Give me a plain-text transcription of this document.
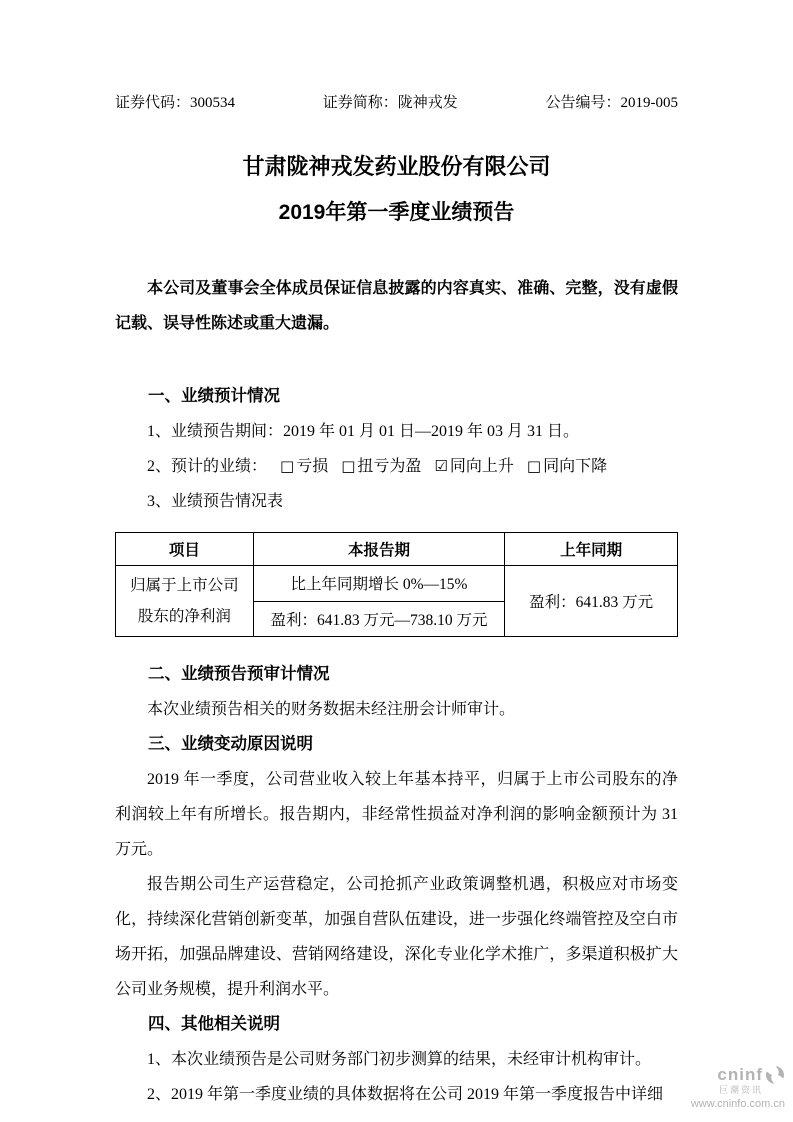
证券代码：300534	证券简称：陇神戎发	公告编号：2019-005
甘肃陇神戎发药业股份有限公司
2019年第一季度业绩预告

本公司及董事会全体成员保证信息披露的内容真实、准确、完整，没有虚假记载、误导性陈述或重大遗漏。

一、业绩预计情况

1、业绩预告期间：2019 年 01 月 01 日—2019 年 03 月 31 日。

2、预计的业绩： □ 亏损 □ 扭亏为盈 ☑ 同向上升 □ 同向下降

3、业绩预告情况表

项目	本报告期	上年同期

归属于上市公司
股东的净利润	比上年同期增长 0%—15%	盈利：641.83 万元
	盈利：641.83 万元—738.10 万元	
二、业绩预告预审计情况

本次业绩预告相关的财务数据未经注册会计师审计。

三、业绩变动原因说明

2019 年一季度，公司营业收入较上年基本持平，归属于上市公司股东的净利润较上年有所增长。报告期内，非经常性损益对净利润的影响金额预计为 31 万元。

报告期公司生产运营稳定，公司抢抓产业政策调整机遇，积极应对市场变化，持续深化营销创新变革，加强自营队伍建设，进一步强化终端管控及空白市场开拓，加强品牌建设、营销网络建设，深化专业化学术推广，多渠道积极扩大公司业务规模，提升利润水平。

四、其他相关说明

1、本次业绩预告是公司财务部门初步测算的结果，未经审计机构审计。

2、2019 年第一季度业绩的具体数据将在公司 2019 年第一季度报告中详细

cninf
巨潮资讯
www.cninfo.com.cn
